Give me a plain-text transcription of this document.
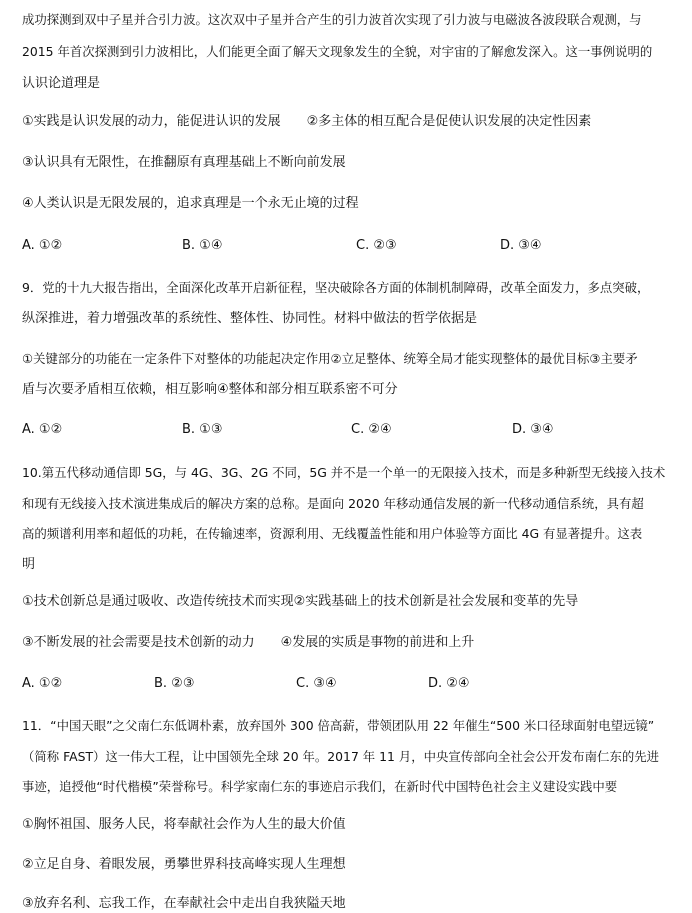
成功探测到双中子星并合引力波。这次双中子星并合产生的引力波首次实现了引力波与电磁波各波段联合观测，与
2015 年首次探测到引力波相比，人们能更全面了解天文现象发生的全貌，对宇宙的了解愈发深入。这一事例说明的
认识论道理是
①实践是认识发展的动力，能促进认识的发展　　②多主体的相互配合是促使认识发展的决定性因素
③认识具有无限性，在推翻原有真理基础上不断向前发展
④人类认识是无限发展的，追求真理是一个永无止境的过程
A. ①②	B. ①④	C. ②③	D. ③④
9．党的十九大报告指出，全面深化改革开启新征程，坚决破除各方面的体制机制障碍，改革全面发力，多点突破，
纵深推进，着力增强改革的系统性、整体性、协同性。材料中做法的哲学依据是
①关键部分的功能在一定条件下对整体的功能起决定作用②立足整体、统筹全局才能实现整体的最优目标③主要矛
盾与次要矛盾相互依赖，相互影响④整体和部分相互联系密不可分
A. ①②	B. ①③	C. ②④	D. ③④
10.第五代移动通信即 5G，与 4G、3G、2G 不同，5G 并不是一个单一的无限接入技术，而是多种新型无线接入技术
和现有无线接入技术演进集成后的解决方案的总称。是面向 2020 年移动通信发展的新一代移动通信系统，具有超
高的频谱利用率和超低的功耗，在传输速率，资源利用、无线覆盖性能和用户体验等方面比 4G 有显著提升。这表
明
①技术创新总是通过吸收、改造传统技术而实现②实践基础上的技术创新是社会发展和变革的先导
③不断发展的社会需要是技术创新的动力　　④发展的实质是事物的前进和上升
A. ①②	B. ②③	C. ③④	D. ②④
11．“中国天眼”之父南仁东低调朴素，放弃国外 300 倍高薪，带领团队用 22 年催生“500 米口径球面射电望远镜”
（简称 FAST）这一伟大工程，让中国领先全球 20 年。2017 年 11 月，中央宣传部向全社会公开发布南仁东的先进
事迹，追授他“时代楷模”荣誉称号。科学家南仁东的事迹启示我们，在新时代中国特色社会主义建设实践中要
①胸怀祖国、服务人民，将奉献社会作为人生的最大价值
②立足自身、着眼发展，勇攀世界科技高峰实现人生理想
③放弃名利、忘我工作，在奉献社会中走出自我狭隘天地
